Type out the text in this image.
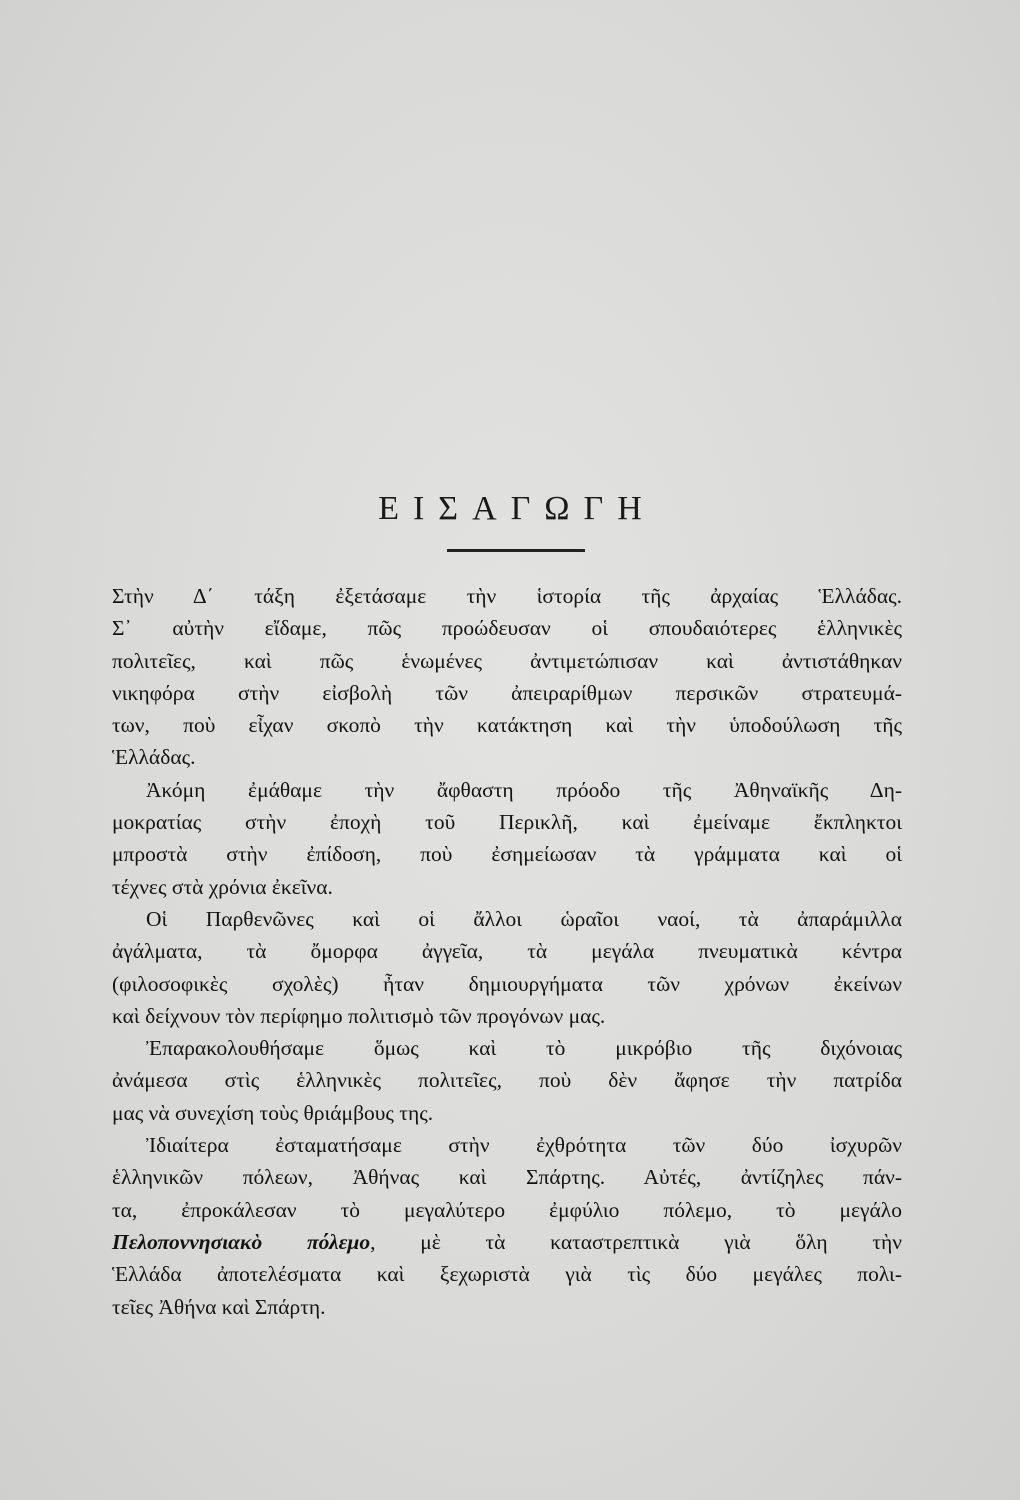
ΕΙΣΑΓΩΓΗ

Στὴν Δ΄ τάξη ἐξετάσαμε τὴν ἱστορία τῆς ἀρχαίας Ἑλλάδας.
Σ᾿ αὐτὴν εἴδαμε, πῶς προώδευσαν οἱ σπουδαιότερες ἑλληνικὲς
πολιτεῖες, καὶ πῶς ἑνωμένες ἀντιμετώπισαν καὶ ἀντιστάθηκαν
νικηφόρα στὴν εἰσβολὴ τῶν ἀπειραρίθμων περσικῶν στρατευμά-
των, ποὺ εἶχαν σκοπὸ τὴν κατάκτηση καὶ τὴν ὑποδούλωση τῆς
Ἑλλάδας.

Ἀκόμη ἐμάθαμε τὴν ἄφθαστη πρόοδο τῆς Ἀθηναϊκῆς Δη-
μοκρατίας στὴν ἐποχὴ τοῦ Περικλῆ, καὶ ἐμείναμε ἔκπληκτοι
μπροστὰ στὴν ἐπίδοση, ποὺ ἐσημείωσαν τὰ γράμματα καὶ οἱ
τέχνες στὰ χρόνια ἐκεῖνα.

Οἱ Παρθενῶνες καὶ οἱ ἄλλοι ὡραῖοι ναοί, τὰ ἀπαράμιλλα
ἀγάλματα, τὰ ὄμορφα ἀγγεῖα, τὰ μεγάλα πνευματικὰ κέντρα
(φιλοσοφικὲς σχολὲς) ἦταν δημιουργήματα τῶν χρόνων ἐκείνων
καὶ δείχνουν τὸν περίφημο πολιτισμὸ τῶν προγόνων μας.

Ἐπαρακολουθήσαμε ὅμως καὶ τὸ μικρόβιο τῆς διχόνοιας
ἀνάμεσα στὶς ἑλληνικὲς πολιτεῖες, ποὺ δὲν ἄφησε τὴν πατρίδα
μας νὰ συνεχίση τοὺς θριάμβους της.

Ἰδιαίτερα ἐσταματήσαμε στὴν ἐχθρότητα τῶν δύο ἰσχυρῶν
ἑλληνικῶν πόλεων, Ἀθήνας καὶ Σπάρτης. Αὐτές, ἀντίζηλες πάν-
τα, ἐπροκάλεσαν τὸ μεγαλύτερο ἐμφύλιο πόλεμο, τὸ μεγάλο
Πελοποννησιακὸ πόλεμο, μὲ τὰ καταστρεπτικὰ γιὰ ὅλη τὴν
Ἑλλάδα ἀποτελέσματα καὶ ξεχωριστὰ γιὰ τὶς δύο μεγάλες πολι-
τεῖες Ἀθήνα καὶ Σπάρτη.
